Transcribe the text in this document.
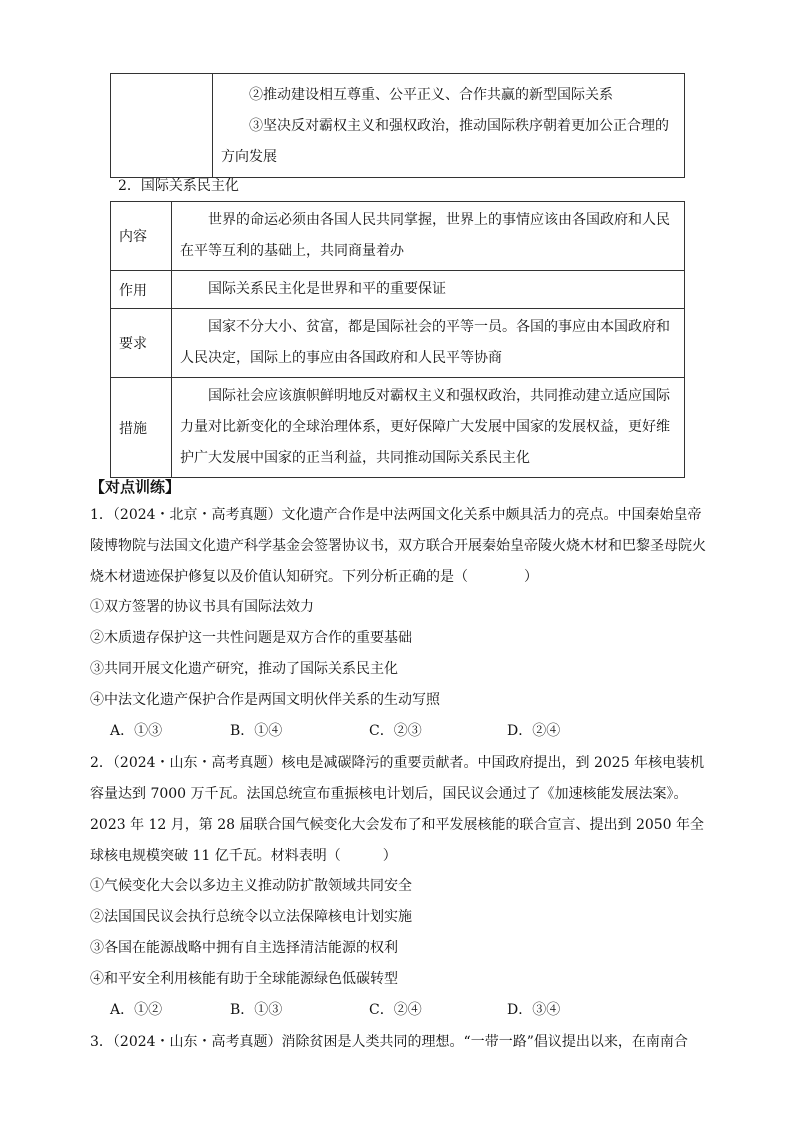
②推动建设相互尊重、公平正义、合作共赢的新型国际关系
③坚决反对霸权主义和强权政治，推动国际秩序朝着更加公正合理的方向发展
2．国际关系民主化
内容	世界的命运必须由各国人民共同掌握，世界上的事情应该由各国政府和人民在平等互利的基础上，共同商量着办
作用	国际关系民主化是世界和平的重要保证
要求	国家不分大小、贫富，都是国际社会的平等一员。各国的事应由本国政府和人民决定，国际上的事应由各国政府和人民平等协商
措施	国际社会应该旗帜鲜明地反对霸权主义和强权政治，共同推动建立适应国际力量对比新变化的全球治理体系，更好保障广大发展中国家的发展权益，更好维护广大发展中国家的正当利益，共同推动国际关系民主化
【对点训练】
1．（2024・北京・高考真题）文化遗产合作是中法两国文化关系中颇具活力的亮点。中国秦始皇帝陵博物院与法国文化遗产科学基金会签署协议书，双方联合开展秦始皇帝陵火烧木材和巴黎圣母院火烧木材遗迹保护修复以及价值认知研究。下列分析正确的是（　　　　）
①双方签署的协议书具有国际法效力
②木质遗存保护这一共性问题是双方合作的重要基础
③共同开展文化遗产研究，推动了国际关系民主化
④中法文化遗产保护合作是两国文明伙伴关系的生动写照
A．①③	B．①④	C．②③	D．②④
2．（2024・山东・高考真题）核电是减碳降污的重要贡献者。中国政府提出，到 2025 年核电装机容量达到 7000 万千瓦。法国总统宣布重振核电计划后，国民议会通过了《加速核能发展法案》。2023 年 12 月，第 28 届联合国气候变化大会发布了和平发展核能的联合宣言、提出到 2050 年全球核电规模突破 11 亿千瓦。材料表明（　　　）
①气候变化大会以多边主义推动防扩散领域共同安全
②法国国民议会执行总统令以立法保障核电计划实施
③各国在能源战略中拥有自主选择清洁能源的权利
④和平安全利用核能有助于全球能源绿色低碳转型
A．①②	B．①③	C．②④	D．③④
3．（2024・山东・高考真题）消除贫困是人类共同的理想。“一带一路”倡议提出以来，在南南合
